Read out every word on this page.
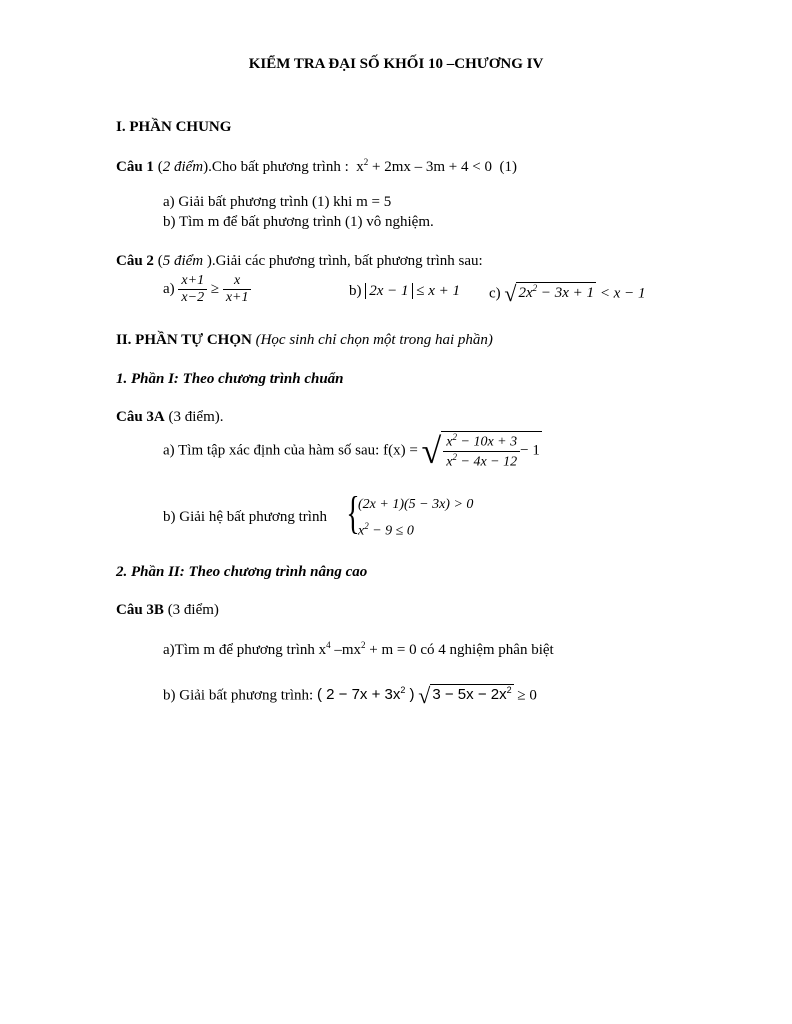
KIỂM TRA ĐẠI SỐ KHỐI 10 –CHƯƠNG IV
I. PHẦN CHUNG
Câu 1 (2 điểm).Cho bất phương trình : $x^2 + 2mx - 3m + 4 < 0$ (1)
a) Giải bất phương trình (1) khi m = 5
b) Tìm m để bất phương trình (1) vô nghiệm.
Câu 2 (5 điểm ).Giải các phương trình, bất phương trình sau:
$a) \frac{x+1}{x-2} \ge \frac{x}{x+1}$	b) 2x − 1 ≤ x + 1 c) √ $2x^2 - 3x + 1 < x - 1$
II. PHẦN TỰ CHỌN (Học sinh chỉ chọn một trong hai phần)
1. Phần I: Theo chương trình chuẩn
Câu 3A (3 điểm).
a) Tìm tập xác định của hàm số sau: f(x) = √ $\frac{x^2 - 10x + 3}{x^2 - 4x - 12} - 1$
b) Giải hệ bất phương trình {
(2x + 1)(5 − 3x) > 0
$x^2 - 9 \le 0$
2. Phần II: Theo chương trình nâng cao
Câu 3B (3 điểm)
a)Tìm m để phương trình $x^4$ $-mx^2 + m = 0$ có 4 nghiệm phân biệt
b) Giải bất phương trình: ( $2 - 7x + 3x^2$ ) √ $3 - 5x - 2x^2 \ge 0$
